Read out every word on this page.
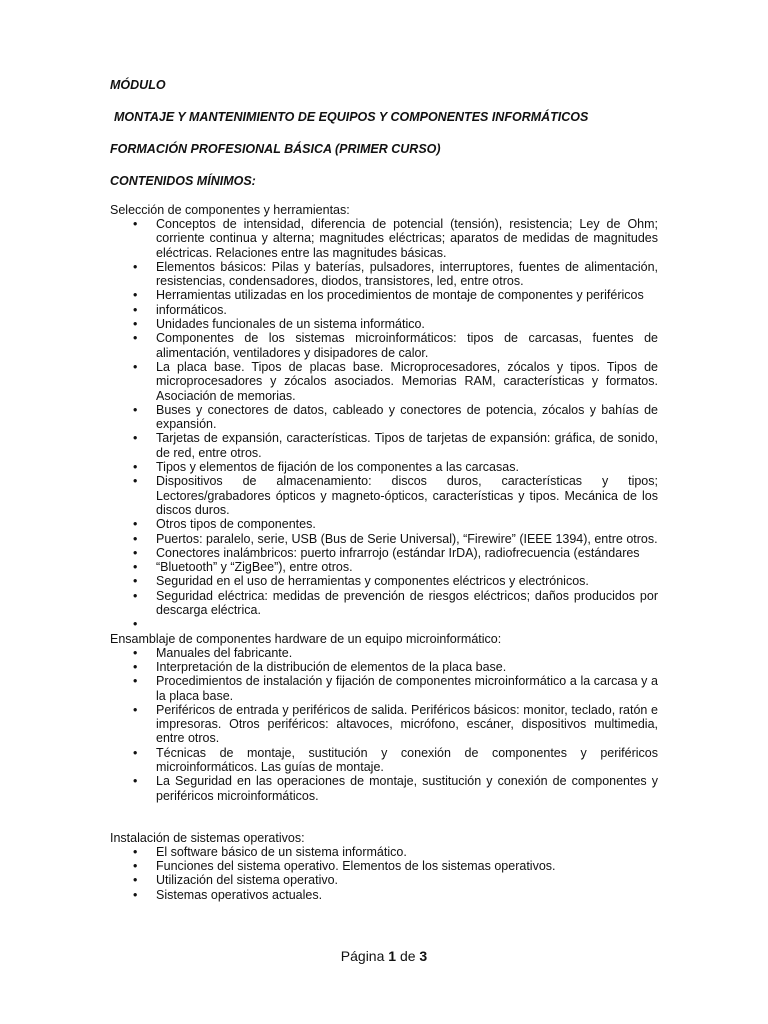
MÓDULO

MONTAJE Y MANTENIMIENTO DE EQUIPOS Y COMPONENTES INFORMÁTICOS

FORMACIÓN PROFESIONAL BÁSICA (PRIMER CURSO)

CONTENIDOS MÍNIMOS:

Selección de componentes y herramientas:

• Conceptos de intensidad, diferencia de potencial (tensión), resistencia; Ley de Ohm; corriente continua y alterna; magnitudes eléctricas; aparatos de medidas de magnitudes eléctricas. Relaciones entre las magnitudes básicas.
• Elementos básicos: Pilas y baterías, pulsadores, interruptores, fuentes de alimentación, resistencias, condensadores, diodos, transistores, led, entre otros.
• Herramientas utilizadas en los procedimientos de montaje de componentes y periféricos
• informáticos.
• Unidades funcionales de un sistema informático.
• Componentes de los sistemas microinformáticos: tipos de carcasas, fuentes de alimentación, ventiladores y disipadores de calor.
• La placa base. Tipos de placas base. Microprocesadores, zócalos y tipos. Tipos de microprocesadores y zócalos asociados. Memorias RAM, características y formatos. Asociación de memorias.
• Buses y conectores de datos, cableado y conectores de potencia, zócalos y bahías de expansión.
• Tarjetas de expansión, características. Tipos de tarjetas de expansión: gráfica, de sonido, de red, entre otros.
• Tipos y elementos de fijación de los componentes a las carcasas.
• Dispositivos de almacenamiento: discos duros, características y tipos; Lectores/grabadores ópticos y magneto-ópticos, características y tipos. Mecánica de los discos duros.
• Otros tipos de componentes.
• Puertos: paralelo, serie, USB (Bus de Serie Universal), “Firewire” (IEEE 1394), entre otros.
• Conectores inalámbricos: puerto infrarrojo (estándar IrDA), radiofrecuencia (estándares
• “Bluetooth” y “ZigBee”), entre otros.
• Seguridad en el uso de herramientas y componentes eléctricos y electrónicos.
• Seguridad eléctrica: medidas de prevención de riesgos eléctricos; daños producidos por descarga eléctrica.
•

Ensamblaje de componentes hardware de un equipo microinformático:

• Manuales del fabricante.
• Interpretación de la distribución de elementos de la placa base.
• Procedimientos de instalación y fijación de componentes microinformático a la carcasa y a la placa base.
• Periféricos de entrada y periféricos de salida. Periféricos básicos: monitor, teclado, ratón e impresoras. Otros periféricos: altavoces, micrófono, escáner, dispositivos multimedia, entre otros.
• Técnicas de montaje, sustitución y conexión de componentes y periféricos microinformáticos. Las guías de montaje.
• La Seguridad en las operaciones de montaje, sustitución y conexión de componentes y periféricos microinformáticos.

Instalación de sistemas operativos:

• El software básico de un sistema informático.
• Funciones del sistema operativo. Elementos de los sistemas operativos.
• Utilización del sistema operativo.
• Sistemas operativos actuales.
Página 1 de 3
